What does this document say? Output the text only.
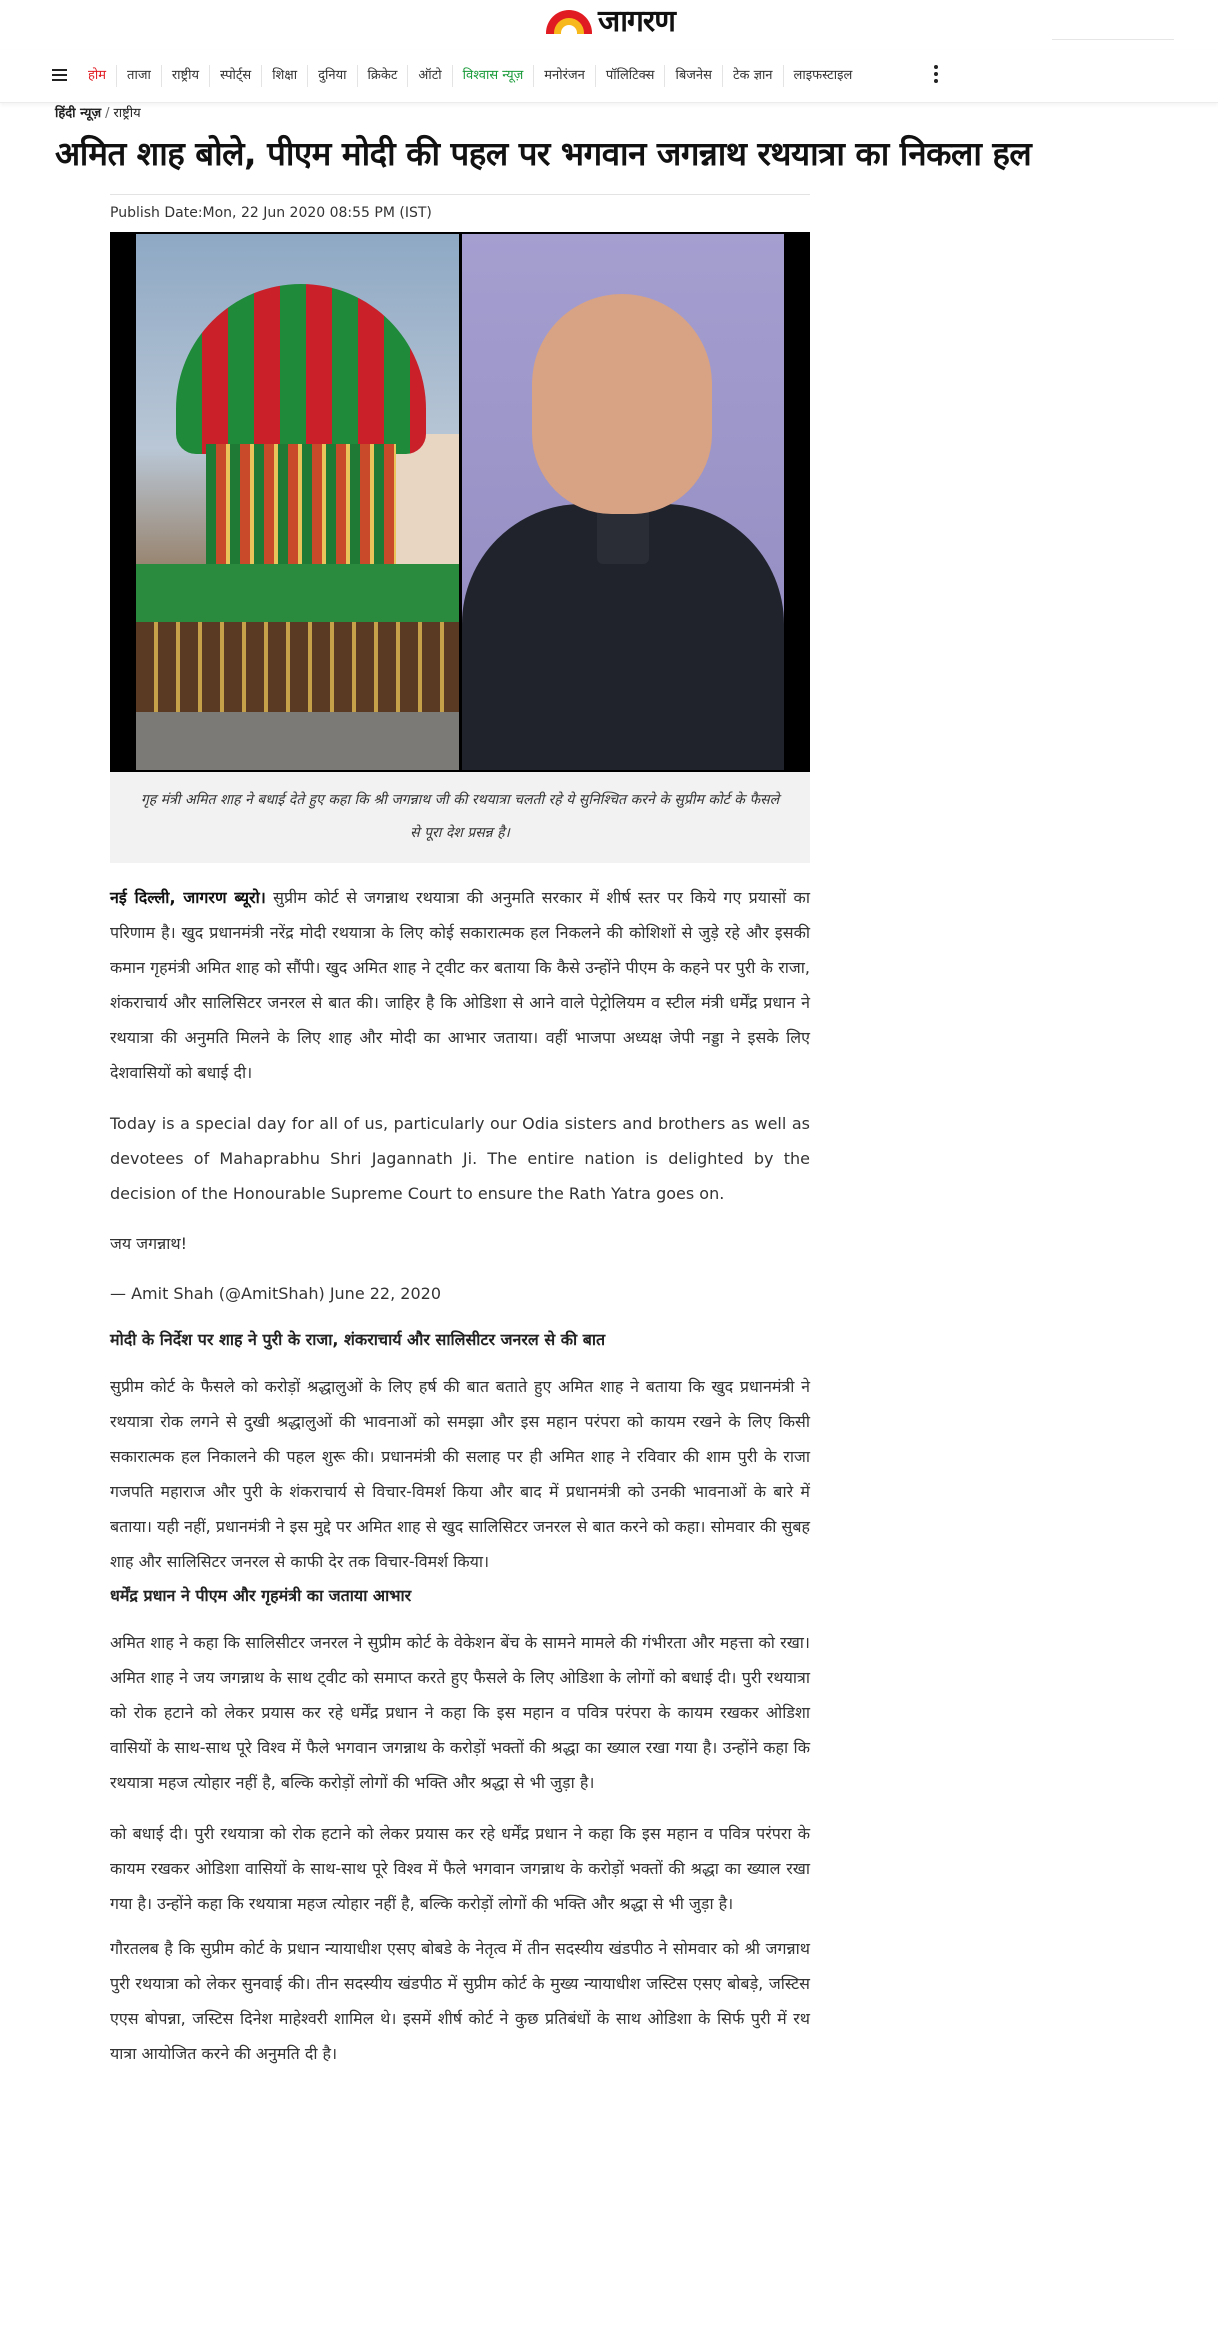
जागरण
होम	ताजा	राष्ट्रीय	स्पोर्ट्स	शिक्षा	दुनिया	क्रिकेट	ऑटो	विश्वास न्यूज़	मनोरंजन	पॉलिटिक्स	बिजनेस	टेक ज्ञान	लाइफस्टाइल
हिंदी न्यूज़ / राष्ट्रीय
अमित शाह बोले, पीएम मोदी की पहल पर भगवान जगन्नाथ रथयात्रा का निकला हल
Publish Date:Mon, 22 Jun 2020 08:55 PM (IST)
गृह मंत्री अमित शाह ने बधाई देते हुए कहा कि श्री जगन्नाथ जी की रथयात्रा चलती रहे ये सुनिश्चित करने के सुप्रीम कोर्ट के फैसले से पूरा देश प्रसन्न है।

नई दिल्ली, जागरण ब्यूरो। सुप्रीम कोर्ट से जगन्नाथ रथयात्रा की अनुमति सरकार में शीर्ष स्तर पर किये गए प्रयासों का परिणाम है। खुद प्रधानमंत्री नरेंद्र मोदी रथयात्रा के लिए कोई सकारात्मक हल निकलने की कोशिशों से जुड़े रहे और इसकी कमान गृहमंत्री अमित शाह को सौंपी। खुद अमित शाह ने ट्वीट कर बताया कि कैसे उन्होंने पीएम के कहने पर पुरी के राजा, शंकराचार्य और सालिसिटर जनरल से बात की। जाहिर है कि ओडिशा से आने वाले पेट्रोलियम व स्टील मंत्री धर्मेंद्र प्रधान ने रथयात्रा की अनुमति मिलने के लिए शाह और मोदी का आभार जताया। वहीं भाजपा अध्यक्ष जेपी नड्डा ने इसके लिए देशवासियों को बधाई दी।

Today is a special day for all of us, particularly our Odia sisters and brothers as well as devotees of Mahaprabhu Shri Jagannath Ji. The entire nation is delighted by the decision of the Honourable Supreme Court to ensure the Rath Yatra goes on.

जय जगन्नाथ!

— Amit Shah (@AmitShah) June 22, 2020

मोदी के निर्देश पर शाह ने पुरी के राजा, शंकराचार्य और सालिसीटर जनरल से की बात

सुप्रीम कोर्ट के फैसले को करोड़ों श्रद्धालुओं के लिए हर्ष की बात बताते हुए अमित शाह ने बताया कि खुद प्रधानमंत्री ने रथयात्रा रोक लगने से दुखी श्रद्धालुओं की भावनाओं को समझा और इस महान परंपरा को कायम रखने के लिए किसी सकारात्मक हल निकालने की पहल शुरू की। प्रधानमंत्री की सलाह पर ही अमित शाह ने रविवार की शाम पुरी के राजा गजपति महाराज और पुरी के शंकराचार्य से विचार-विमर्श किया और बाद में प्रधानमंत्री को उनकी भावनाओं के बारे में बताया। यही नहीं, प्रधानमंत्री ने इस मुद्दे पर अमित शाह से खुद सालिसिटर जनरल से बात करने को कहा। सोमवार की सुबह शाह और सालिसिटर जनरल से काफी देर तक विचार-विमर्श किया।

धर्मेंद्र प्रधान ने पीएम और गृहमंत्री का जताया आभार

अमित शाह ने कहा कि सालिसीटर जनरल ने सुप्रीम कोर्ट के वेकेशन बेंच के सामने मामले की गंभीरता और महत्ता को रखा। अमित शाह ने जय जगन्नाथ के साथ ट्वीट को समाप्त करते हुए फैसले के लिए ओडिशा के लोगों को बधाई दी। पुरी रथयात्रा को रोक हटाने को लेकर प्रयास कर रहे धर्मेंद्र प्रधान ने कहा कि इस महान व पवित्र परंपरा के कायम रखकर ओडिशा वासियों के साथ-साथ पूरे विश्व में फैले भगवान जगन्नाथ के करोड़ों भक्तों की श्रद्धा का ख्याल रखा गया है। उन्होंने कहा कि रथयात्रा महज त्योहार नहीं है, बल्कि करोड़ों लोगों की भक्ति और श्रद्धा से भी जुड़ा है।

को बधाई दी। पुरी रथयात्रा को रोक हटाने को लेकर प्रयास कर रहे धर्मेंद्र प्रधान ने कहा कि इस महान व पवित्र परंपरा के कायम रखकर ओडिशा वासियों के साथ-साथ पूरे विश्व में फैले भगवान जगन्नाथ के करोड़ों भक्तों की श्रद्धा का ख्याल रखा गया है। उन्होंने कहा कि रथयात्रा महज त्योहार नहीं है, बल्कि करोड़ों लोगों की भक्ति और श्रद्धा से भी जुड़ा है।

गौरतलब है कि सुप्रीम कोर्ट के प्रधान न्यायाधीश एसए बोबडे के नेतृत्व में तीन सदस्यीय खंडपीठ ने सोमवार को श्री जगन्नाथ पुरी रथयात्रा को लेकर सुनवाई की। तीन सदस्यीय खंडपीठ में सुप्रीम कोर्ट के मुख्य न्यायाधीश जस्टिस एसए बोबड़े, जस्टिस एएस बोपन्ना, जस्टिस दिनेश माहेश्वरी शामिल थे। इसमें शीर्ष कोर्ट ने कुछ प्रतिबंधों के साथ ओडिशा के सिर्फ पुरी में रथ यात्रा आयोजित करने की अनुमति दी है।
